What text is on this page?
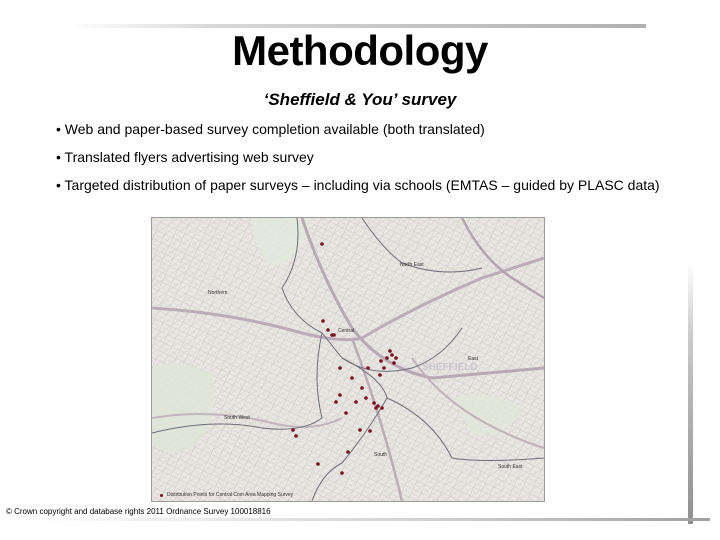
Methodology
‘Sheffield & You’ survey
• Web and paper-based survey completion available (both translated)
• Translated flyers advertising web survey
• Targeted distribution of paper surveys – including via schools (EMTAS – guided by PLASC data)
North East
Northern
Central
East
SHEFFIELD
South West
South
South East
Distribution Points for Central Com Area Mapping Survey
© Crown copyright and database rights 2011 Ordnance Survey 100018816
